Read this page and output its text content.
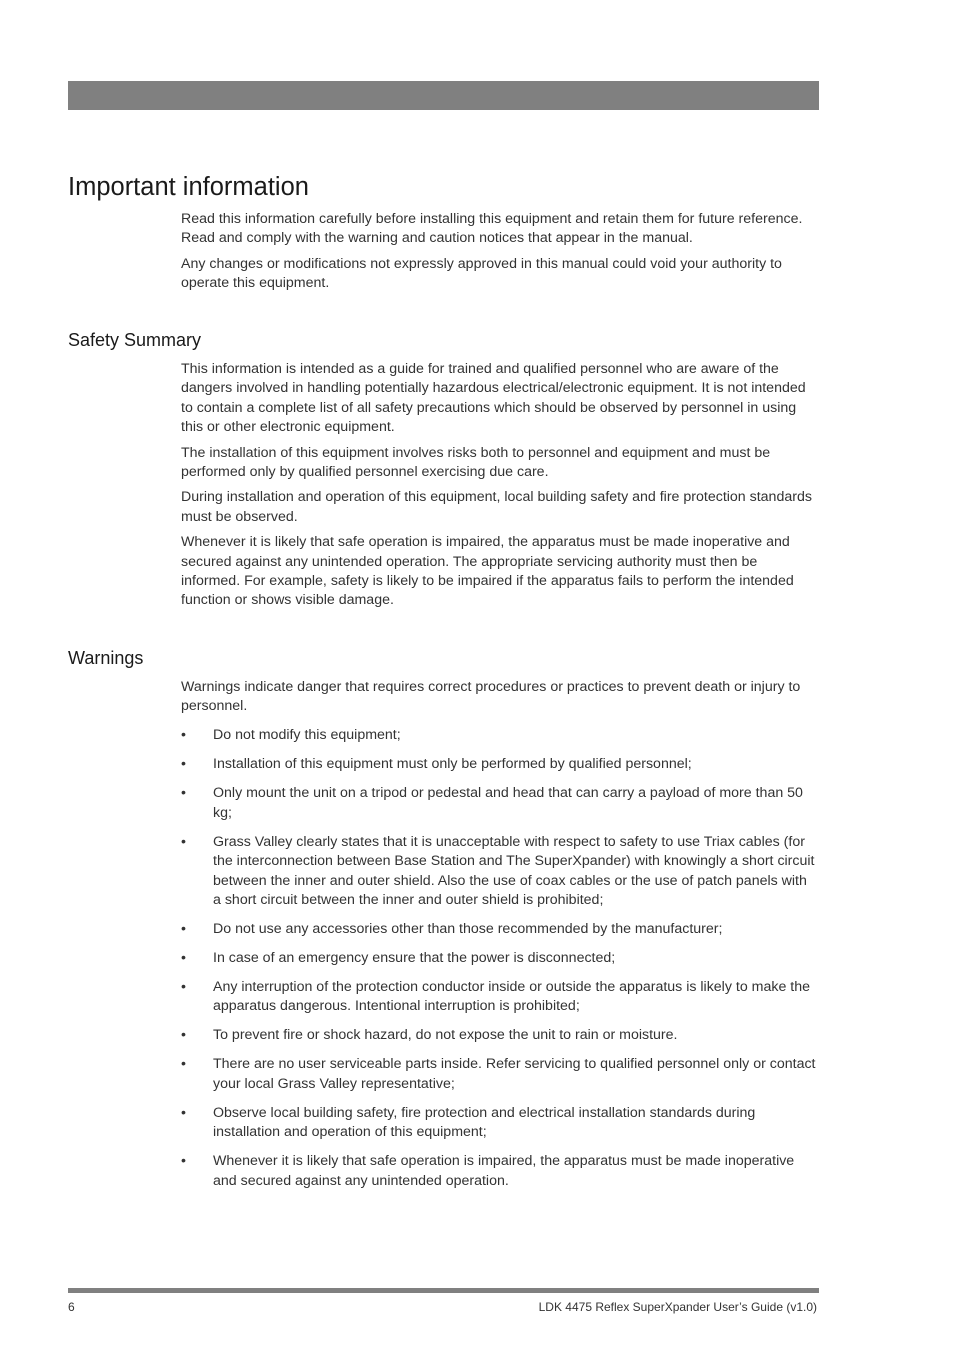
Important information

Read this information carefully before installing this equipment and retain them for future reference. Read and comply with the warning and caution notices that appear in the manual.

Any changes or modifications not expressly approved in this manual could void your authority to operate this equipment.

Safety Summary

This information is intended as a guide for trained and qualified personnel who are aware of the dangers involved in handling potentially hazardous electrical/electronic equipment. It is not intended to contain a complete list of all safety precautions which should be observed by personnel in using this or other electronic equipment.

The installation of this equipment involves risks both to personnel and equipment and must be performed only by qualified personnel exercising due care.

During installation and operation of this equipment, local building safety and fire protection standards must be observed.

Whenever it is likely that safe operation is impaired, the apparatus must be made inoperative and secured against any unintended operation. The appropriate servicing authority must then be informed. For example, safety is likely to be impaired if the apparatus fails to perform the intended function or shows visible damage.

Warnings

Warnings indicate danger that requires correct procedures or practices to prevent death or injury to personnel.

• Do not modify this equipment;
• Installation of this equipment must only be performed by qualified personnel;
• Only mount the unit on a tripod or pedestal and head that can carry a payload of more than 50 kg;
• Grass Valley clearly states that it is unacceptable with respect to safety to use Triax cables (for the interconnection between Base Station and The SuperXpander) with knowingly a short circuit between the inner and outer shield. Also the use of coax cables or the use of patch panels with a short circuit between the inner and outer shield is prohibited;
• Do not use any accessories other than those recommended by the manufacturer;
• In case of an emergency ensure that the power is disconnected;
• Any interruption of the protection conductor inside or outside the apparatus is likely to make the apparatus dangerous. Intentional interruption is prohibited;
• To prevent fire or shock hazard, do not expose the unit to rain or moisture.
• There are no user serviceable parts inside. Refer servicing to qualified personnel only or contact your local Grass Valley representative;
• Observe local building safety, fire protection and electrical installation standards during installation and operation of this equipment;
• Whenever it is likely that safe operation is impaired, the apparatus must be made inoperative and secured against any unintended operation.
6	LDK 4475 Reflex SuperXpander User’s Guide (v1.0)
